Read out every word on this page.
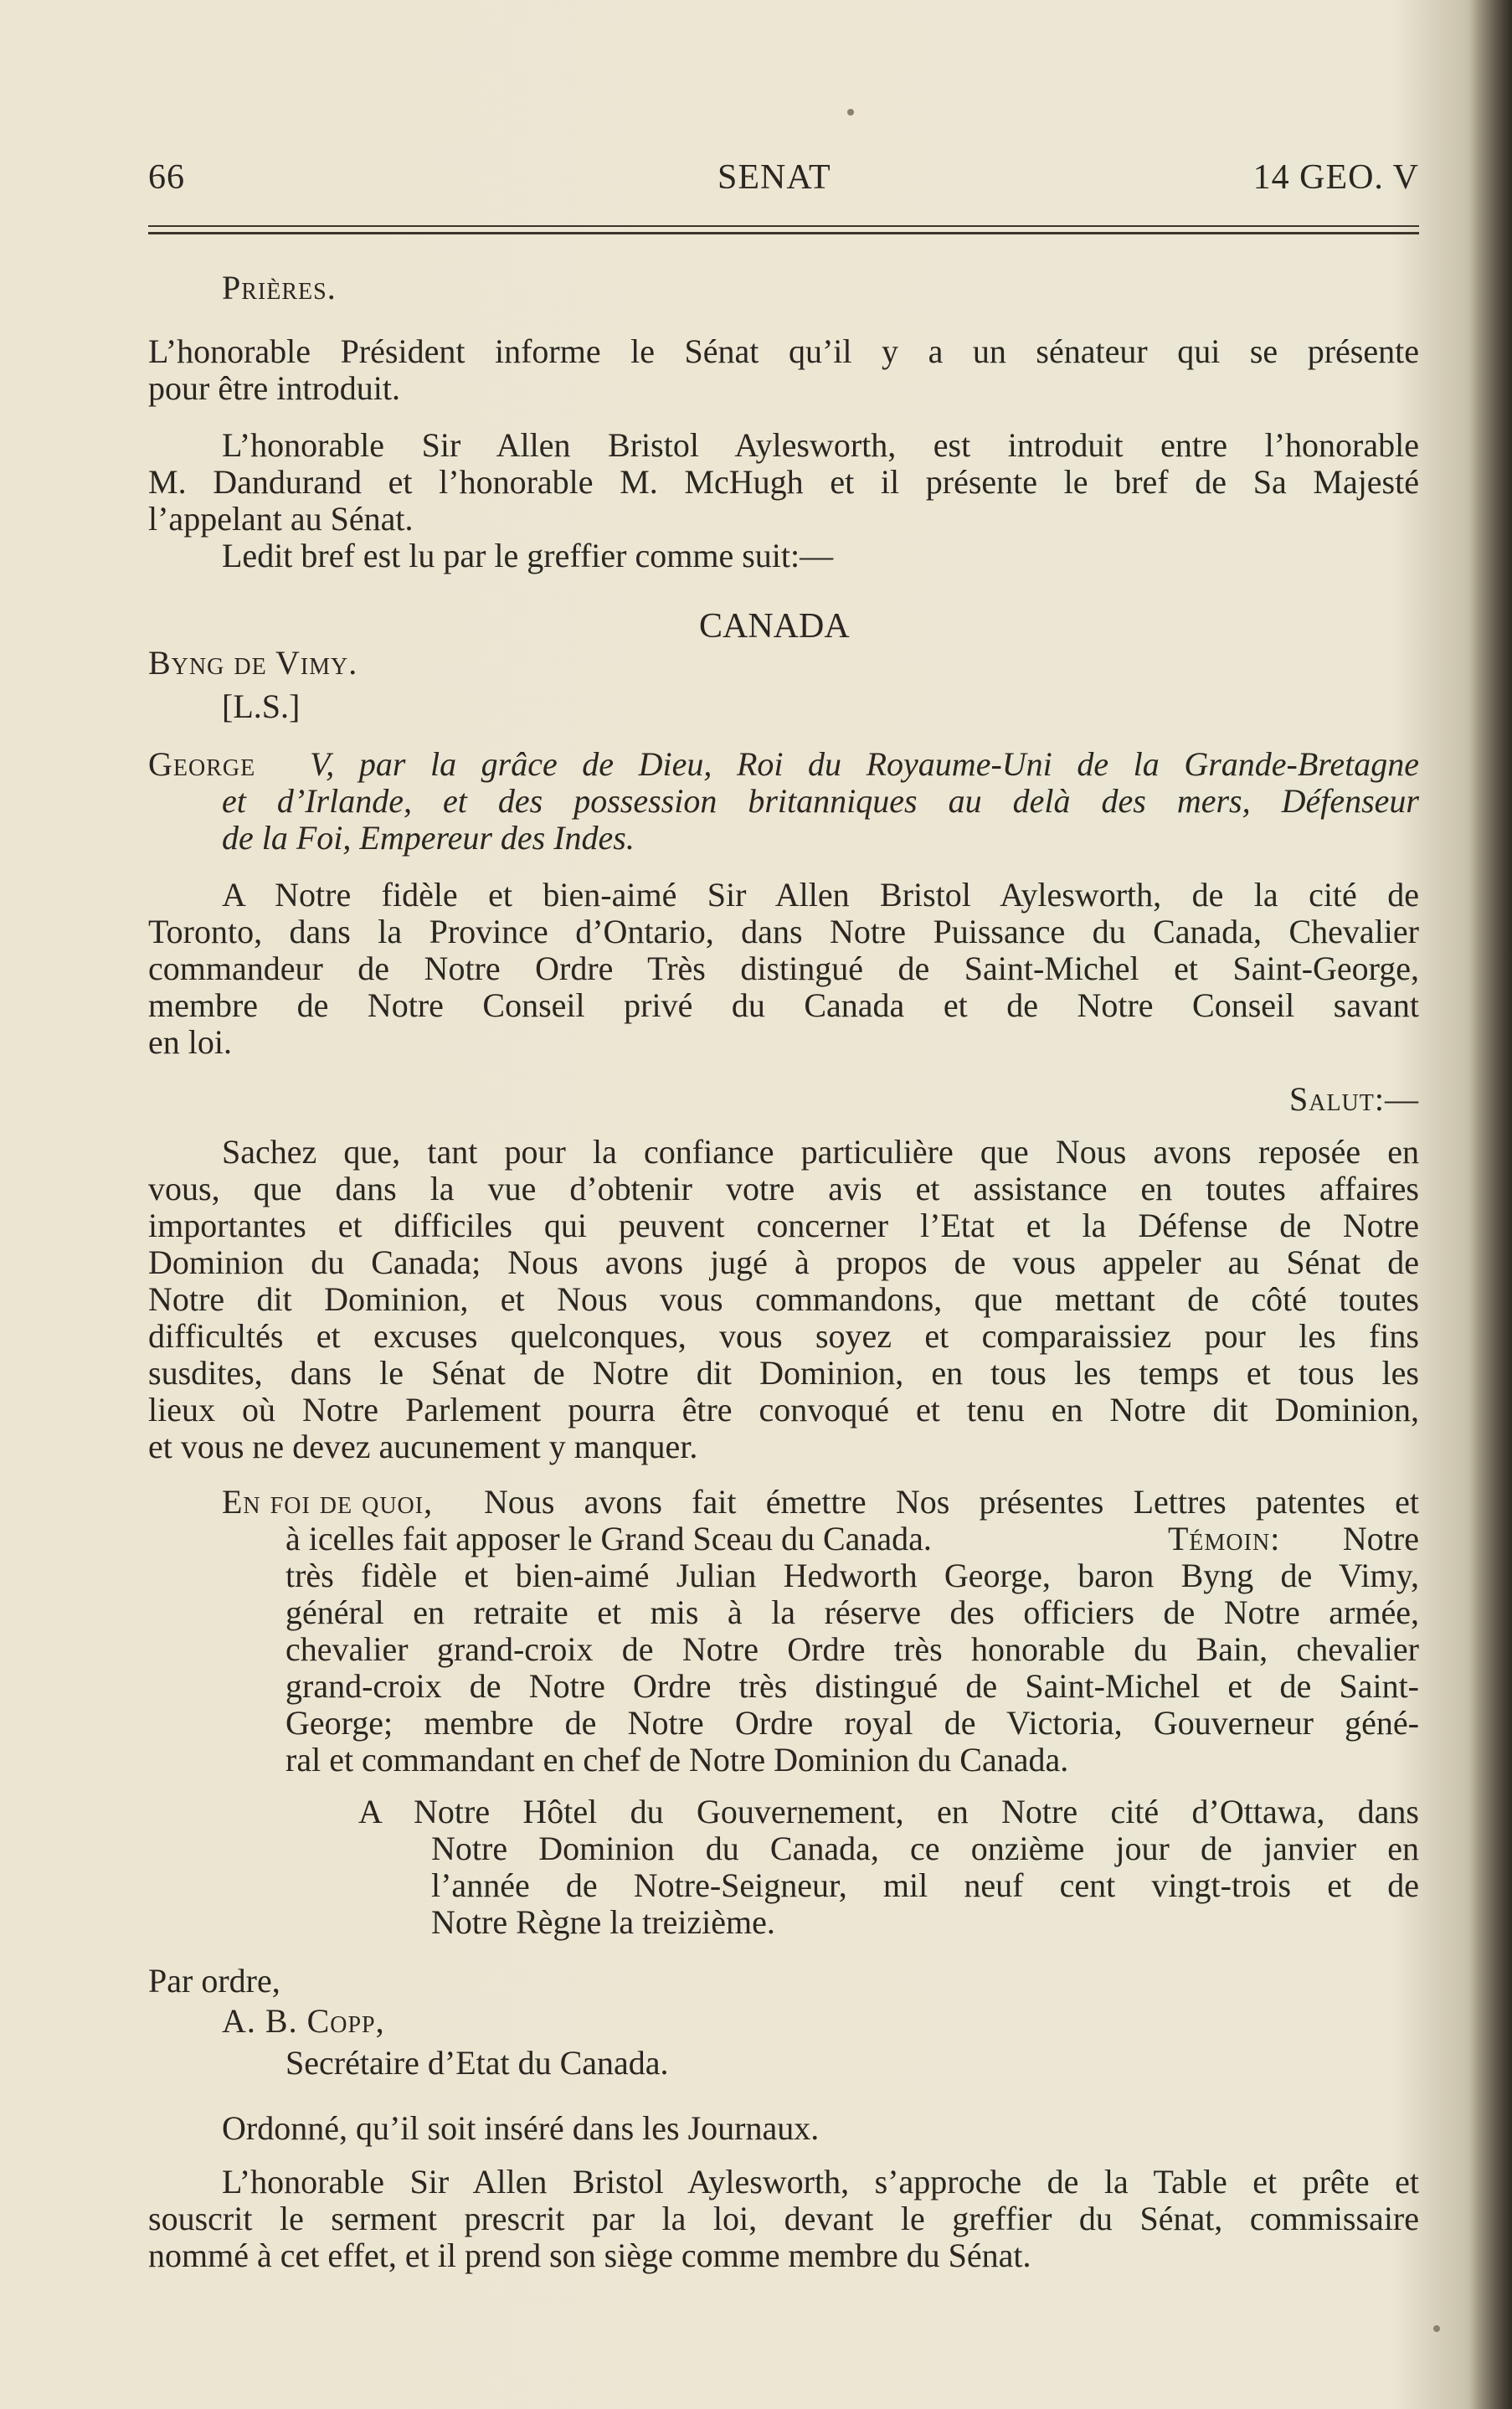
66	SENAT	14 GEO. V
Prières.
L’honorable Président informe le Sénat qu’il y a un sénateur qui se présente
pour être introduit.
L’honorable Sir Allen Bristol Aylesworth, est introduit entre l’honorable
M. Dandurand et l’honorable M. McHugh et il présente le bref de Sa Majesté
l’appelant au Sénat.
Ledit bref est lu par le greffier comme suit:—
CANADA
Byng de Vimy.
[L.S.]
George V, par la grâce de Dieu, Roi du Royaume-Uni de la Grande-Bretagne
et d’Irlande, et des possession britanniques au delà des mers, Défenseur
de la Foi, Empereur des Indes.
A Notre fidèle et bien-aimé Sir Allen Bristol Aylesworth, de la cité de
Toronto, dans la Province d’Ontario, dans Notre Puissance du Canada, Chevalier
commandeur de Notre Ordre Très distingué de Saint-Michel et Saint-George,
membre de Notre Conseil privé du Canada et de Notre Conseil savant
en loi.
Salut:—
Sachez que, tant pour la confiance particulière que Nous avons reposée en
vous, que dans la vue d’obtenir votre avis et assistance en toutes affaires
importantes et difficiles qui peuvent concerner l’Etat et la Défense de Notre
Dominion du Canada; Nous avons jugé à propos de vous appeler au Sénat de
Notre dit Dominion, et Nous vous commandons, que mettant de côté toutes
difficultés et excuses quelconques, vous soyez et comparaissiez pour les fins
susdites, dans le Sénat de Notre dit Dominion, en tous les temps et tous les
lieux où Notre Parlement pourra être convoqué et tenu en Notre dit Dominion,
et vous ne devez aucunement y manquer.
En foi de quoi, Nous avons fait émettre Nos présentes Lettres patentes et
à icelles fait apposer le Grand Sceau du Canada.	Témoin: Notre
très fidèle et bien-aimé Julian Hedworth George, baron Byng de Vimy,
général en retraite et mis à la réserve des officiers de Notre armée,
chevalier grand-croix de Notre Ordre très honorable du Bain, chevalier
grand-croix de Notre Ordre très distingué de Saint-Michel et de Saint-
George; membre de Notre Ordre royal de Victoria, Gouverneur géné-
ral et commandant en chef de Notre Dominion du Canada.
A Notre Hôtel du Gouvernement, en Notre cité d’Ottawa, dans
Notre Dominion du Canada, ce onzième jour de janvier en
l’année de Notre-Seigneur, mil neuf cent vingt-trois et de
Notre Règne la treizième.
Par ordre,
A. B. Copp,
Secrétaire d’Etat du Canada.
Ordonné, qu’il soit inséré dans les Journaux.
L’honorable Sir Allen Bristol Aylesworth, s’approche de la Table et prête et
souscrit le serment prescrit par la loi, devant le greffier du Sénat, commissaire
nommé à cet effet, et il prend son siège comme membre du Sénat.
